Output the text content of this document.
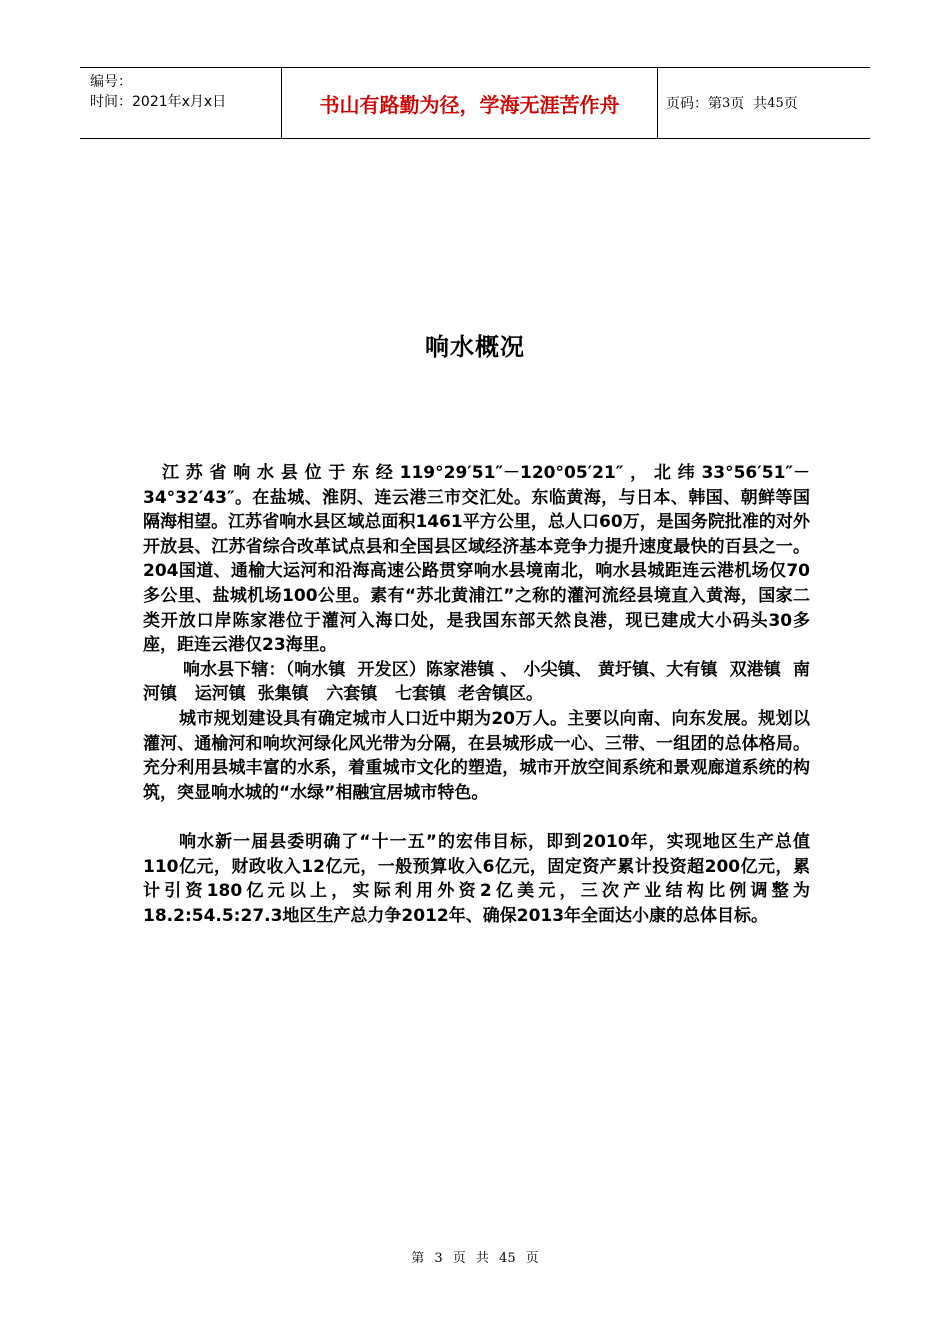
编号：
时间：2021年x月x日	书山有路勤为径，学海无涯苦作舟	页码：第 3 页  共 45 页
响水概况

江苏省响水县位于东经119°29′51″－120°05′21″，北纬33°56′51″－34°32′43″。在盐城、淮阴、连云港三市交汇处。东临黄海，与日本、韩国、朝鲜等国隔海相望。江苏省响水县区域总面积1461平方公里，总人口60万，是国务院批准的对外开放县、江苏省综合改革试点县和全国县区域经济基本竞争力提升速度最快的百县之一。204国道、通榆大运河和沿海高速公路贯穿响水县境南北，响水县城距连云港机场仅70多公里、盐城机场100公里。素有“苏北黄浦江”之称的灌河流经县境直入黄海，国家二类开放口岸陈家港位于灌河入海口处，是我国东部天然良港，现已建成大小码头30多座，距连云港仅23海里。

响水县下辖：（响水镇  开发区）陈家港镇 、 小尖镇、 黄圩镇、大有镇  双港镇  南河镇   运河镇  张集镇   六套镇   七套镇  老舍镇区。

城市规划建设具有确定城市人口近中期为20万人。主要以向南、向东发展。规划以灌河、通榆河和响坎河绿化风光带为分隔，在县城形成一心、三带、一组团的总体格局。充分利用县城丰富的水系，着重城市文化的塑造，城市开放空间系统和景观廊道系统的构筑，突显响水城的“水绿”相融宜居城市特色。

响水新一届县委明确了“十一五”的宏伟目标，即到2010年，实现地区生产总值110亿元，财政收入12亿元，一般预算收入6亿元，固定资产累计投资超200亿元，累计引资180亿元以上，实际利用外资2亿美元，三次产业结构比例调整为18.2:54.5:27.3地区生产总力争2012年、确保2013年全面达小康的总体目标。

第 3 页 共 45 页
